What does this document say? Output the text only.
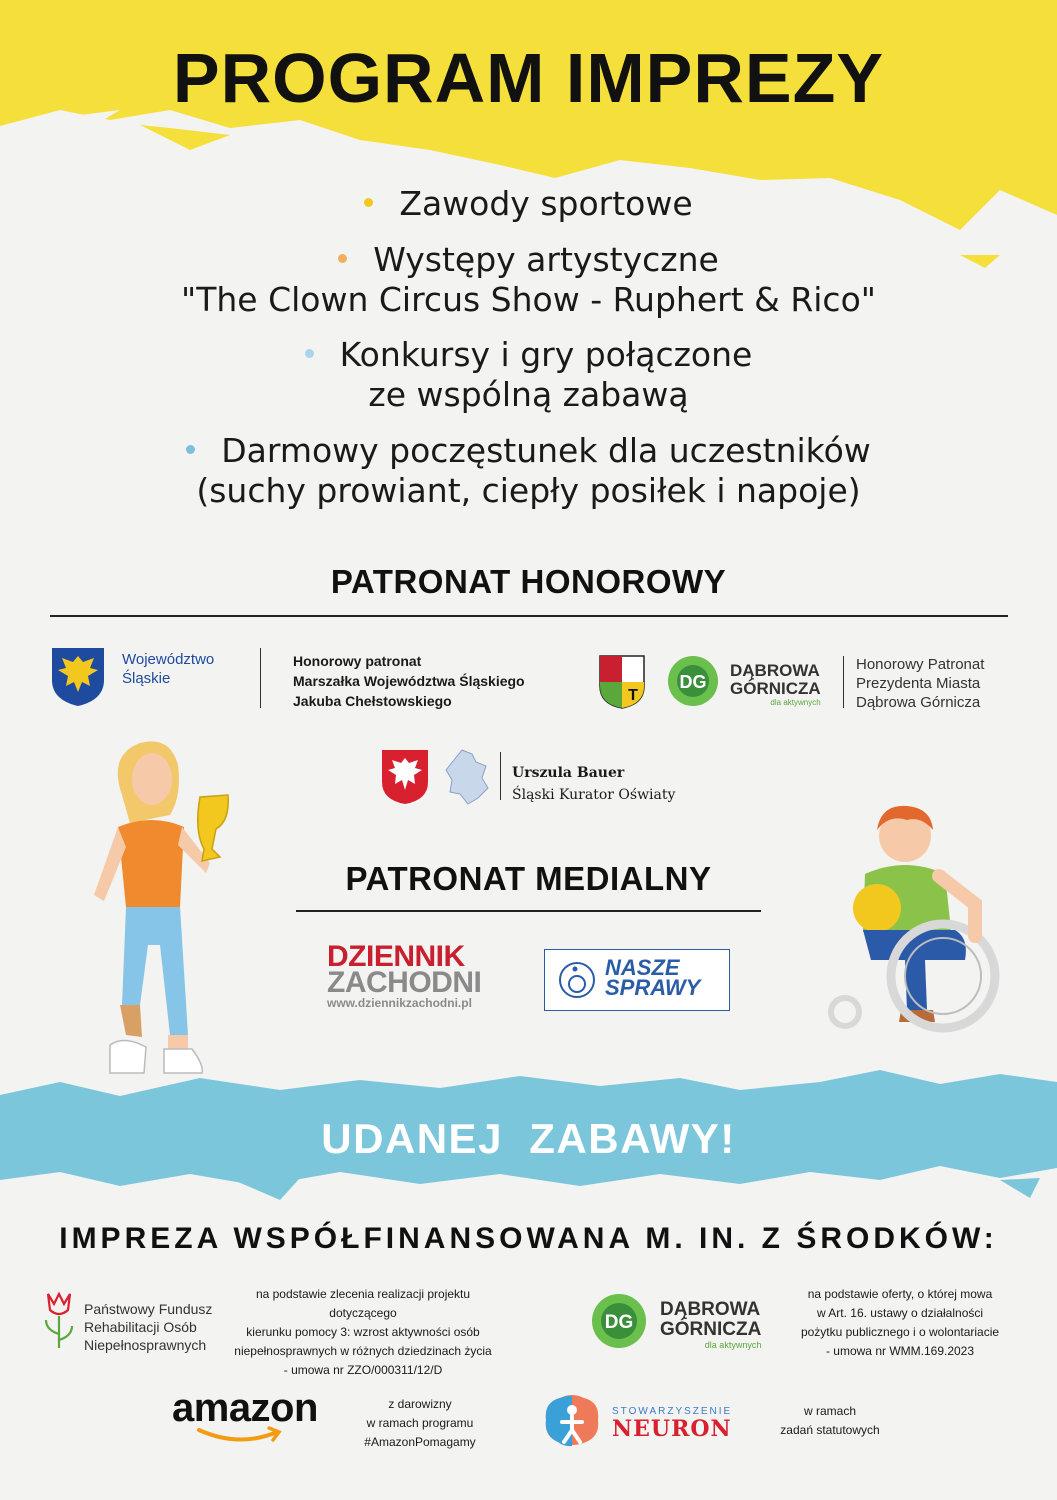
PROGRAM IMPREZY
Zawody sportowe
Występy artystyczne
"The Clown Circus Show - Ruphert & Rico"
Konkursy i gry połączone
ze wspólną zabawą
Darmowy poczęstunek dla uczestników
(suchy prowiant, ciepły posiłek i napoje)
PATRONAT HONOROWY
Województwo
Śląskie
Honorowy patronat
Marszałka Województwa Śląskiego
Jakuba Chełstowskiego	T
DG
DĄBROWA
GÓRNICZA
dla aktywnych
Honorowy Patronat
Prezydenta Miasta
Dąbrowa Górnicza
Urszula Bauer
Śląski Kurator Oświaty
PATRONAT MEDIALNY
DZIENNIK
ZACHODNI
www.dziennikzachodni.pl
NASZE
SPRAWY
UDANEJ  ZABAWY!
IMPREZA WSPÓŁFINANSOWANA M. IN. Z ŚRODKÓW:
Państwowy Fundusz
Rehabilitacji Osób
Niepełnosprawnych
na podstawie zlecenia realizacji projektu dotyczącego
kierunku pomocy 3: wzrost aktywności osób
niepełnosprawnych w różnych dziedzinach życia
- umowa nr ZZO/000311/12/D
DG
DĄBROWA
GÓRNICZA
dla aktywnych
na podstawie oferty, o której mowa
w Art. 16. ustawy o działalności
pożytku publicznego i o wolontariacie
- umowa nr WMM.169.2023
amazon	z darowizny
w ramach programu
#AmazonPomagamy
STOWARZYSZENIE
NEURON
w ramach
zadań statutowych
